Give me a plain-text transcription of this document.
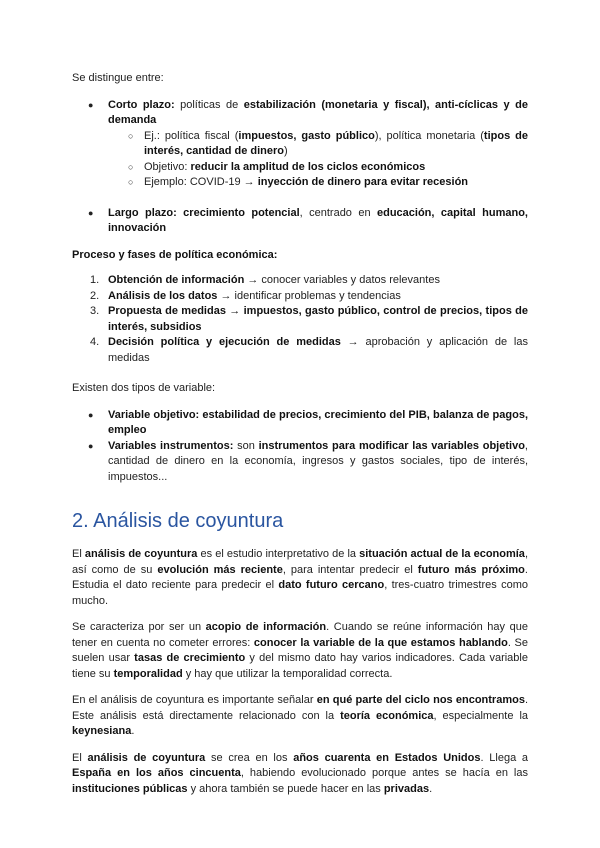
Se distingue entre:

● Corto plazo: políticas de estabilización (monetaria y fiscal), anti-cíclicas y de demanda
○ Ej.: política fiscal (impuestos, gasto público), política monetaria (tipos de interés, cantidad de dinero)
○ Objetivo: reducir la amplitud de los ciclos económicos
○ Ejemplo: COVID-19 → inyección de dinero para evitar recesión
● Largo plazo: crecimiento potencial, centrado en educación, capital humano, innovación

Proceso y fases de política económica:

1. Obtención de información → conocer variables y datos relevantes
2. Análisis de los datos → identificar problemas y tendencias
3. Propuesta de medidas → impuestos, gasto público, control de precios, tipos de interés, subsidios
4. Decisión política y ejecución de medidas → aprobación y aplicación de las medidas

Existen dos tipos de variable:

● Variable objetivo: estabilidad de precios, crecimiento del PIB, balanza de pagos, empleo
● Variables instrumentos: son instrumentos para modificar las variables objetivo, cantidad de dinero en la economía, ingresos y gastos sociales, tipo de interés, impuestos...
2. Análisis de coyuntura

El análisis de coyuntura es el estudio interpretativo de la situación actual de la economía, así como de su evolución más reciente, para intentar predecir el futuro más próximo. Estudia el dato reciente para predecir el dato futuro cercano, tres-cuatro trimestres como mucho.

Se caracteriza por ser un acopio de información. Cuando se reúne información hay que tener en cuenta no cometer errores: conocer la variable de la que estamos hablando. Se suelen usar tasas de crecimiento y del mismo dato hay varios indicadores. Cada variable tiene su temporalidad y hay que utilizar la temporalidad correcta.

En el análisis de coyuntura es importante señalar en qué parte del ciclo nos encontramos. Este análisis está directamente relacionado con la teoría económica, especialmente la keynesiana.

El análisis de coyuntura se crea en los años cuarenta en Estados Unidos. Llega a España en los años cincuenta, habiendo evolucionado porque antes se hacía en las instituciones públicas y ahora también se puede hacer en las privadas.
